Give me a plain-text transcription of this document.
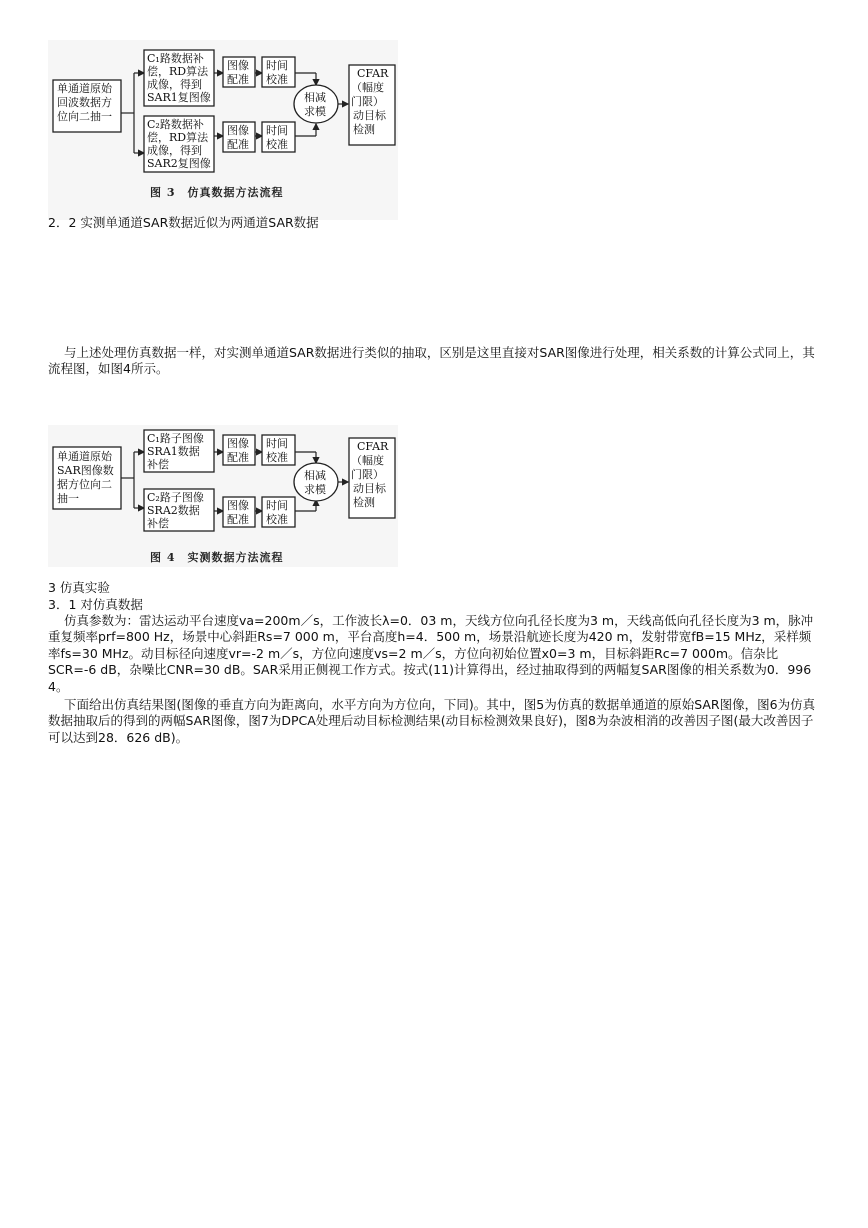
单通道原始
回波数据方
位向二抽一
C₁路数据补
偿，RD算法
成像，得到
SAR1复图像
C₂路数据补
偿，RD算法
成像，得到
SAR2复图像
图像
配准
图像
配准
时间
校准
时间
校准
相减
求模
CFAR
（幅度
门限）
动目标
检测
图 3　仿真数据方法流程
2．2 实测单通道SAR数据近似为两通道SAR数据

与上述处理仿真数据一样，对实测单通道SAR数据进行类似的抽取，区别是这里直接对SAR图像进行处理，相关系数的计算公式同上，其流程图，如图4所示。

单通道原始
SAR图像数
据方位向二
抽一
C₁路子图像
SRA1数据
补偿
C₂路子图像
SRA2数据
补偿
图像
配准
图像
配准
时间
校准
时间
校准
相减
求模
CFAR
（幅度
门限）
动目标
检测
图 4　实测数据方法流程
3 仿真实验
3．1 对仿真数据

仿真参数为：雷达运动平台速度va=200m／s，工作波长λ=0．03 m，天线方位向孔径长度为3 m，天线高低向孔径长度为3 m，脉冲重复频率prf=800 Hz，场景中心斜距Rs=7 000 m，平台高度h=4．500 m，场景沿航迹长度为420 m，发射带宽fB=15 MHz，采样频率fs=30 MHz。动目标径向速度vr=-2 m／s，方位向速度vs=2 m／s，方位向初始位置x0=3 m，目标斜距Rc=7 000m。信杂比SCR=-6 dB，杂噪比CNR=30 dB。SAR采用正侧视工作方式。按式(11)计算得出，经过抽取得到的两幅复SAR图像的相关系数为0．996 4。

下面给出仿真结果图(图像的垂直方向为距离向，水平方向为方位向，下同)。其中，图5为仿真的数据单通道的原始SAR图像，图6为仿真数据抽取后的得到的两幅SAR图像，图7为DPCA处理后动目标检测结果(动目标检测效果良好)，图8为杂波相消的改善因子图(最大改善因子可以达到28．626 dB)。
